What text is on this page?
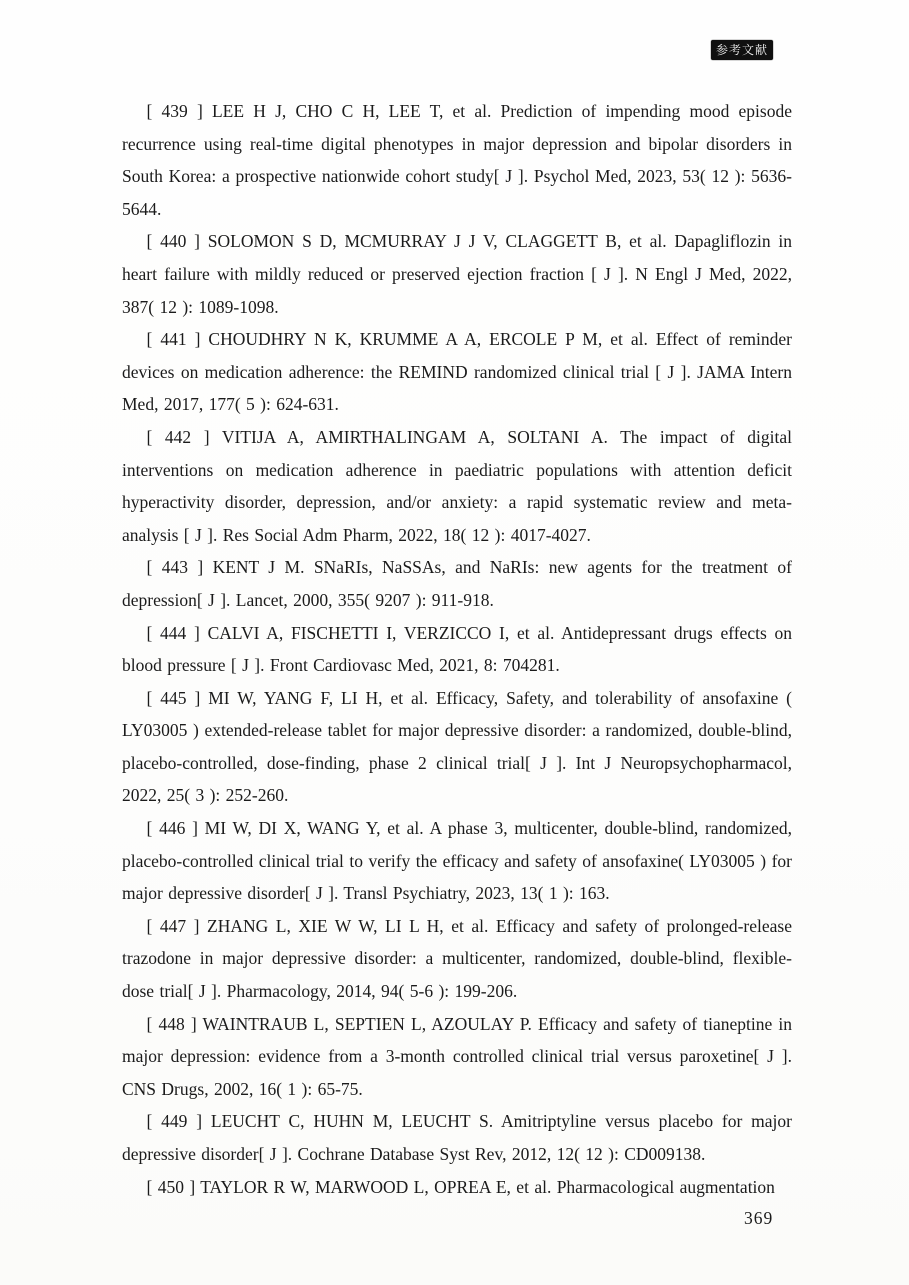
参考文献

[ 439 ] LEE H J, CHO C H, LEE T, et al. Prediction of impending mood episode recurrence using real-time digital phenotypes in major depression and bipolar disorders in South Korea: a prospective nationwide cohort study[ J ]. Psychol Med, 2023, 53( 12 ): 5636-5644.

[ 440 ] SOLOMON S D, MCMURRAY J J V, CLAGGETT B, et al. Dapagliflozin in heart failure with mildly reduced or preserved ejection fraction [ J ]. N Engl J Med, 2022, 387( 12 ): 1089-1098.

[ 441 ] CHOUDHRY N K, KRUMME A A, ERCOLE P M, et al. Effect of reminder devices on medication adherence: the REMIND randomized clinical trial [ J ]. JAMA Intern Med, 2017, 177( 5 ): 624-631.

[ 442 ] VITIJA A, AMIRTHALINGAM A, SOLTANI A. The impact of digital interventions on medication adherence in paediatric populations with attention deficit hyperactivity disorder, depression, and/or anxiety: a rapid systematic review and meta-analysis [ J ]. Res Social Adm Pharm, 2022, 18( 12 ): 4017-4027.

[ 443 ] KENT J M. SNaRIs, NaSSAs, and NaRIs: new agents for the treatment of depression[ J ]. Lancet, 2000, 355( 9207 ): 911-918.

[ 444 ] CALVI A, FISCHETTI I, VERZICCO I, et al. Antidepressant drugs effects on blood pressure [ J ]. Front Cardiovasc Med, 2021, 8: 704281.

[ 445 ] MI W, YANG F, LI H, et al. Efficacy, Safety, and tolerability of ansofaxine ( LY03005 ) extended-release tablet for major depressive disorder: a randomized, double-blind, placebo-controlled, dose-finding, phase 2 clinical trial[ J ]. Int J Neuropsychopharmacol, 2022, 25( 3 ): 252-260.

[ 446 ] MI W, DI X, WANG Y, et al. A phase 3, multicenter, double-blind, randomized, placebo-controlled clinical trial to verify the efficacy and safety of ansofaxine( LY03005 ) for major depressive disorder[ J ]. Transl Psychiatry, 2023, 13( 1 ): 163.

[ 447 ] ZHANG L, XIE W W, LI L H, et al. Efficacy and safety of prolonged-release trazodone in major depressive disorder: a multicenter, randomized, double-blind, flexible-dose trial[ J ]. Pharmacology, 2014, 94( 5-6 ): 199-206.

[ 448 ] WAINTRAUB L, SEPTIEN L, AZOULAY P. Efficacy and safety of tianeptine in major depression: evidence from a 3-month controlled clinical trial versus paroxetine[ J ]. CNS Drugs, 2002, 16( 1 ): 65-75.

[ 449 ] LEUCHT C, HUHN M, LEUCHT S. Amitriptyline versus placebo for major depressive disorder[ J ]. Cochrane Database Syst Rev, 2012, 12( 12 ): CD009138.

[ 450 ] TAYLOR R W, MARWOOD L, OPREA E, et al. Pharmacological augmentation

369
